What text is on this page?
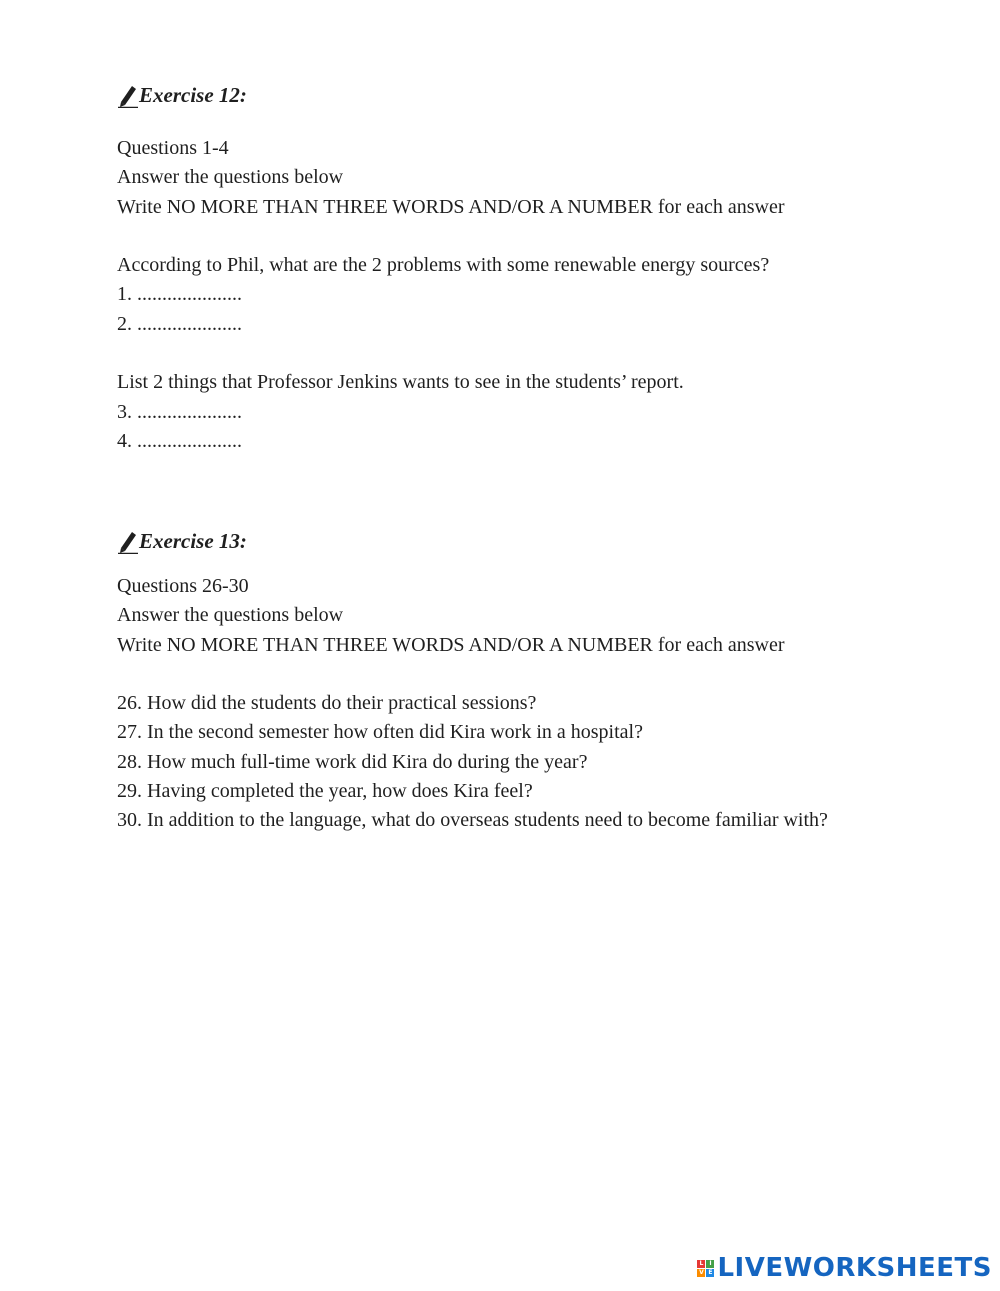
Exercise 12:
Questions 1-4
Answer the questions below
Write NO MORE THAN THREE WORDS AND/OR A NUMBER for each answer
According to Phil, what are the 2 problems with some renewable energy sources?
1. .....................
2. .....................
List 2 things that Professor Jenkins wants to see in the students’ report.
3. .....................
4. .....................
Exercise 13:
Questions 26-30
Answer the questions below
Write NO MORE THAN THREE WORDS AND/OR A NUMBER for each answer
26. How did the students do their practical sessions?
27. In the second semester how often did Kira work in a hospital?
28. How much full-time work did Kira do during the year?
29. Having completed the year, how does Kira feel?
30. In addition to the language, what do overseas students need to become familiar with?
L I
V E LIVEWORKSHEETS
